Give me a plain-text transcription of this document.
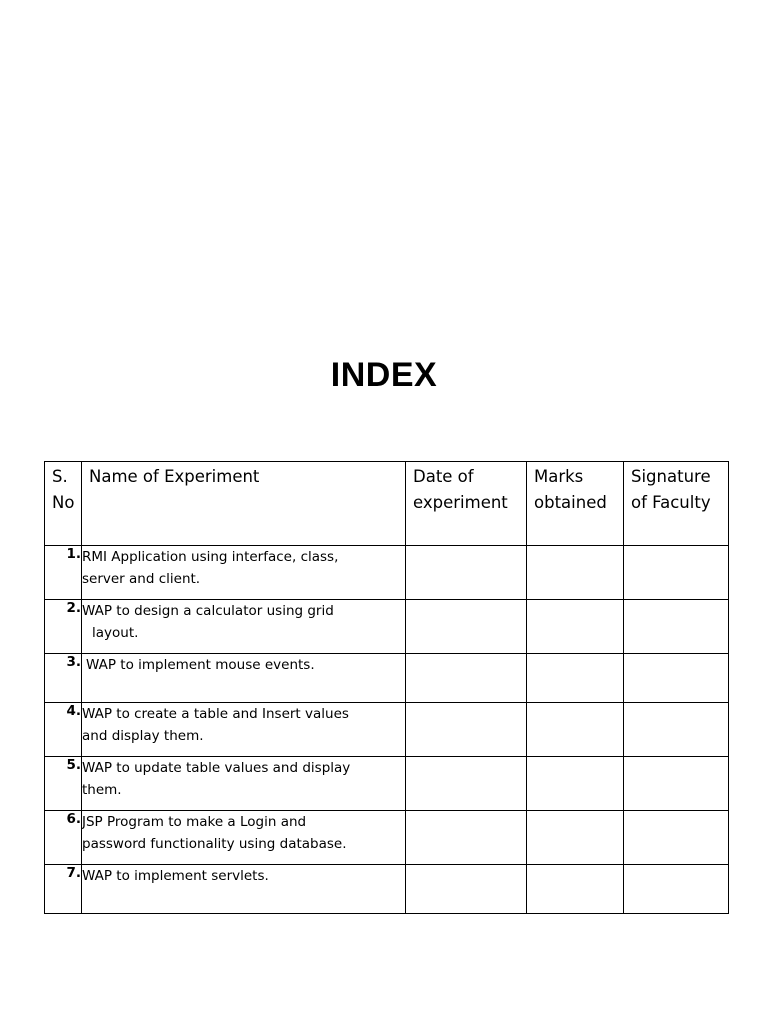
INDEX
S.No	Name of Experiment	Date of experiment	Marks obtained	Signature of Faculty
1.	RMI Application using interface, class,
server and client.			
2.	WAP to design a calculator using grid

layout.			

3.	WAP to implement mouse events.			
4.	WAP to create a table and Insert values
and display them.			
5.	WAP to update table values and display
them.			
6.	JSP Program to make a Login and
password functionality using database.			
7.	WAP to implement servlets.			
